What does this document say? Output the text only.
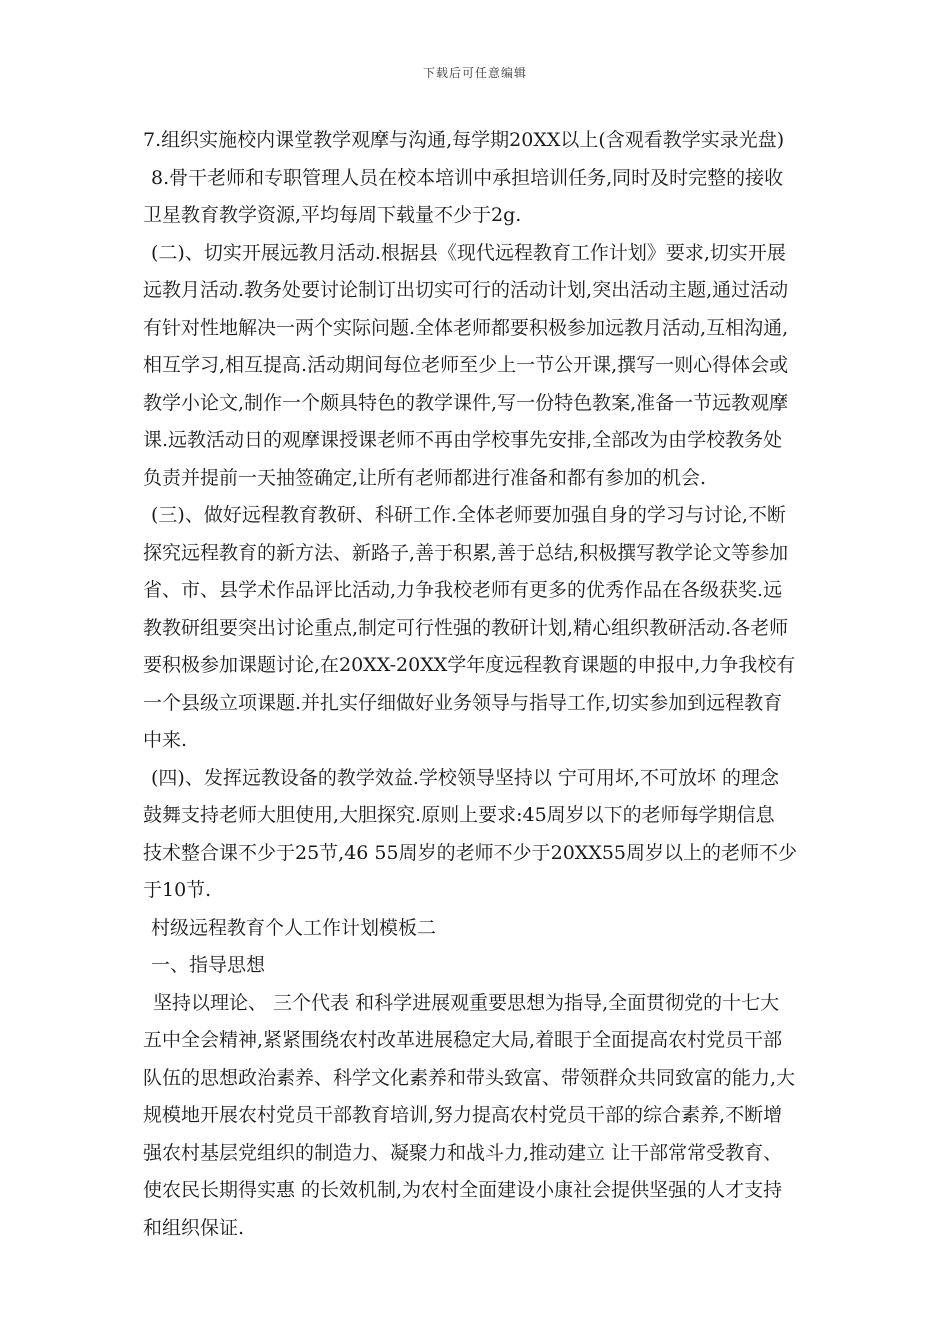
下载后可任意编辑
7.组织实施校内课堂教学观摩与沟通,每学期20XX以上(含观看教学实录光盘)
8.骨干老师和专职管理人员在校本培训中承担培训任务,同时及时完整的接收
卫星教育教学资源,平均每周下载量不少于2g.
(二)、切实开展远教月活动.根据县《现代远程教育工作计划》要求,切实开展
远教月活动.教务处要讨论制订出切实可行的活动计划,突出活动主题,通过活动
有针对性地解决一两个实际问题.全体老师都要积极参加远教月活动,互相沟通,
相互学习,相互提高.活动期间每位老师至少上一节公开课,撰写一则心得体会或
教学小论文,制作一个颇具特色的教学课件,写一份特色教案,准备一节远教观摩
课.远教活动日的观摩课授课老师不再由学校事先安排,全部改为由学校教务处
负责并提前一天抽签确定,让所有老师都进行准备和都有参加的机会.
(三)、做好远程教育教研、科研工作.全体老师要加强自身的学习与讨论,不断
探究远程教育的新方法、新路子,善于积累,善于总结,积极撰写教学论文等参加
省、市、县学术作品评比活动,力争我校老师有更多的优秀作品在各级获奖.远
教教研组要突出讨论重点,制定可行性强的教研计划,精心组织教研活动.各老师
要积极参加课题讨论,在20XX-20XX学年度远程教育课题的申报中,力争我校有
一个县级立项课题.并扎实仔细做好业务领导与指导工作,切实参加到远程教育
中来.
(四)、发挥远教设备的教学效益.学校领导坚持以 宁可用坏,不可放坏 的理念
鼓舞支持老师大胆使用,大胆探究.原则上要求:45周岁以下的老师每学期信息
技术整合课不少于25节,46 55周岁的老师不少于20XX55周岁以上的老师不少
于10节.
村级远程教育个人工作计划模板二
一、指导思想
坚持以理论、 三个代表 和科学进展观重要思想为指导,全面贯彻党的十七大
五中全会精神,紧紧围绕农村改革进展稳定大局,着眼于全面提高农村党员干部
队伍的思想政治素养、科学文化素养和带头致富、带领群众共同致富的能力,大
规模地开展农村党员干部教育培训,努力提高农村党员干部的综合素养,不断增
强农村基层党组织的制造力、凝聚力和战斗力,推动建立 让干部常常受教育、
使农民长期得实惠 的长效机制,为农村全面建设小康社会提供坚强的人才支持
和组织保证.
